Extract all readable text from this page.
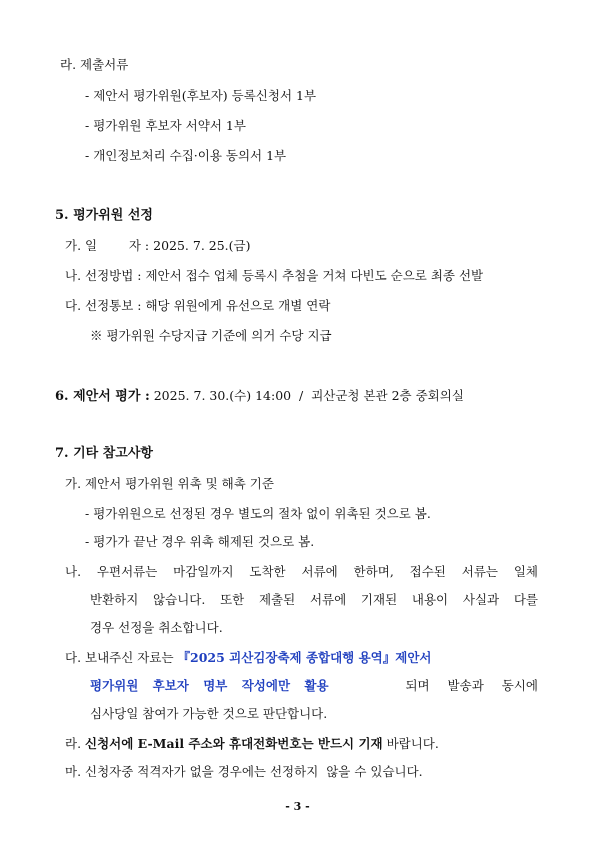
라. 제출서류
- 제안서 평가위원(후보자) 등록신청서 1부
- 평가위원 후보자 서약서 1부
- 개인정보처리 수집·이용 동의서 1부
5. 평가위원 선정
가. 일        자 : 2025. 7. 25.(금)
나. 선정방법 : 제안서 접수 업체 등록시 추첨을 거쳐 다빈도 순으로 최종 선발
다. 선정통보 : 해당 위원에게 유선으로 개별 연락
※ 평가위원 수당지급 기준에 의거 수당 지급
6. 제안서 평가 : 2025. 7. 30.(수) 14:00  /  괴산군청 본관 2층 중회의실
7. 기타 참고사항
가. 제안서 평가위원 위촉 및 해촉 기준
- 평가위원으로 선정된 경우 별도의 절차 없이 위촉된 것으로 봄.
- 평가가 끝난 경우 위촉 해제된 것으로 봄.
나. 우편서류는 마감일까지 도착한 서류에 한하며, 접수된 서류는 일체
반환하지 않습니다. 또한 제출된 서류에 기재된 내용이 사실과 다를
경우 선정을 취소합니다.
다. 보내주신 자료는 『2025 괴산김장축제 종합대행 용역』제안서
평가위원 후보자 명부 작성에만 활용	되며 발송과 동시에
심사당일 참여가 가능한 것으로 판단합니다.
라. 신청서에 E-Mail 주소와 휴대전화번호는 반드시 기재 바랍니다.
마. 신청자중 적격자가 없을 경우에는 선정하지  않을 수 있습니다.
- 3 -
